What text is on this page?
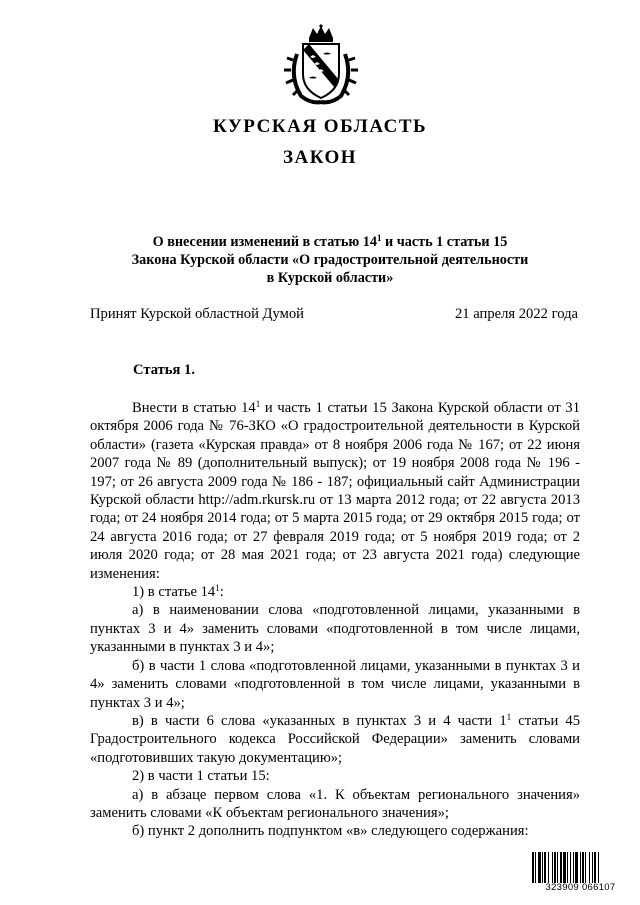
КУРСКАЯ ОБЛАСТЬ
ЗАКОН
О внесении изменений в статью $14^1$ и часть 1 статьи 15
Закона Курской области «О градостроительной деятельности
в Курской области»
Принят Курской областной Думой	21 апреля 2022 года
Статья 1.

Внести в статью $14^1$ и часть 1 статьи 15 Закона Курской области от 31 октября 2006 года № 76-ЗКО «О градостроительной деятельности в Курской области» (газета «Курская правда» от 8 ноября 2006 года № 167; от 22 июня 2007 года № 89 (дополнительный выпуск); от 19 ноября 2008 года № 196 - 197; от 26 августа 2009 года № 186 - 187; официальный сайт Администрации Курской области http://adm.rkursk.ru от 13 марта 2012 года; от 22 августа 2013 года; от 24 ноября 2014 года; от 5 марта 2015 года; от 29 октября 2015 года; от 24 августа 2016 года; от 27 февраля 2019 года; от 5 ноября 2019 года; от 2 июля 2020 года; от 28 мая 2021 года; от 23 августа 2021 года) следующие изменения:

1) в статье $14^1$:

а) в наименовании слова «подготовленной лицами, указанными в пунктах 3 и 4» заменить словами «подготовленной в том числе лицами, указанными в пунктах 3 и 4»;

б) в части 1 слова «подготовленной лицами, указанными в пунктах 3 и 4» заменить словами «подготовленной в том числе лицами, указанными в пунктах 3 и 4»;

в) в части 6 слова «указанных в пунктах 3 и 4 части $1^1$ статьи 45 Градостроительного кодекса Российской Федерации» заменить словами «подготовивших такую документацию»;

2) в части 1 статьи 15:

а) в абзаце первом слова «1. К объектам регионального значения» заменить словами «К объектам регионального значения»;

б) пункт 2 дополнить подпунктом «в» следующего содержания:

323909 066107
